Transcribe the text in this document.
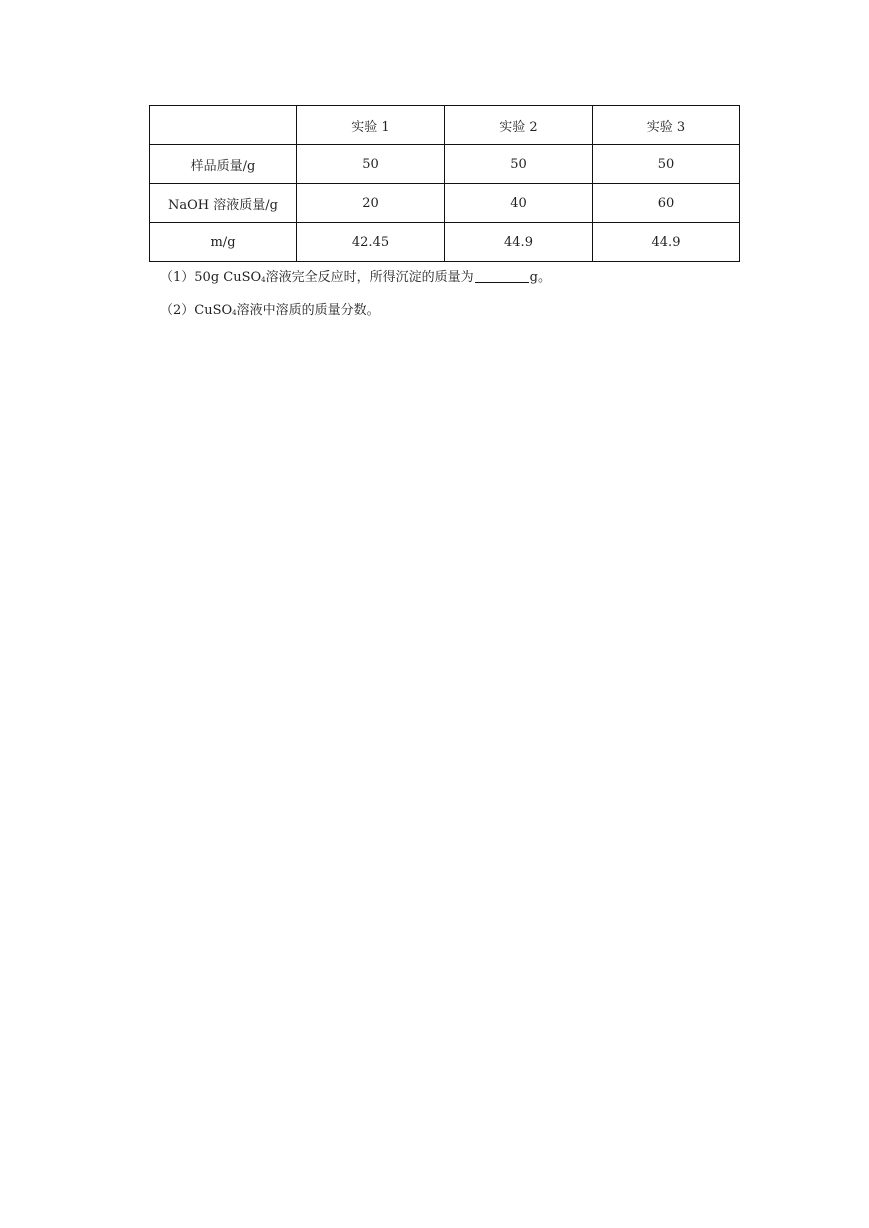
	实验 1	实验 2	实验 3
样品质量/g	50	50	50
NaOH 溶液质量/g	20	40	60
m/g	42.45	44.9	44.9
（1）50g CuSO$_4$溶液完全反应时，所得沉淀的质量为	g。
（2）CuSO$_4$溶液中溶质的质量分数。
